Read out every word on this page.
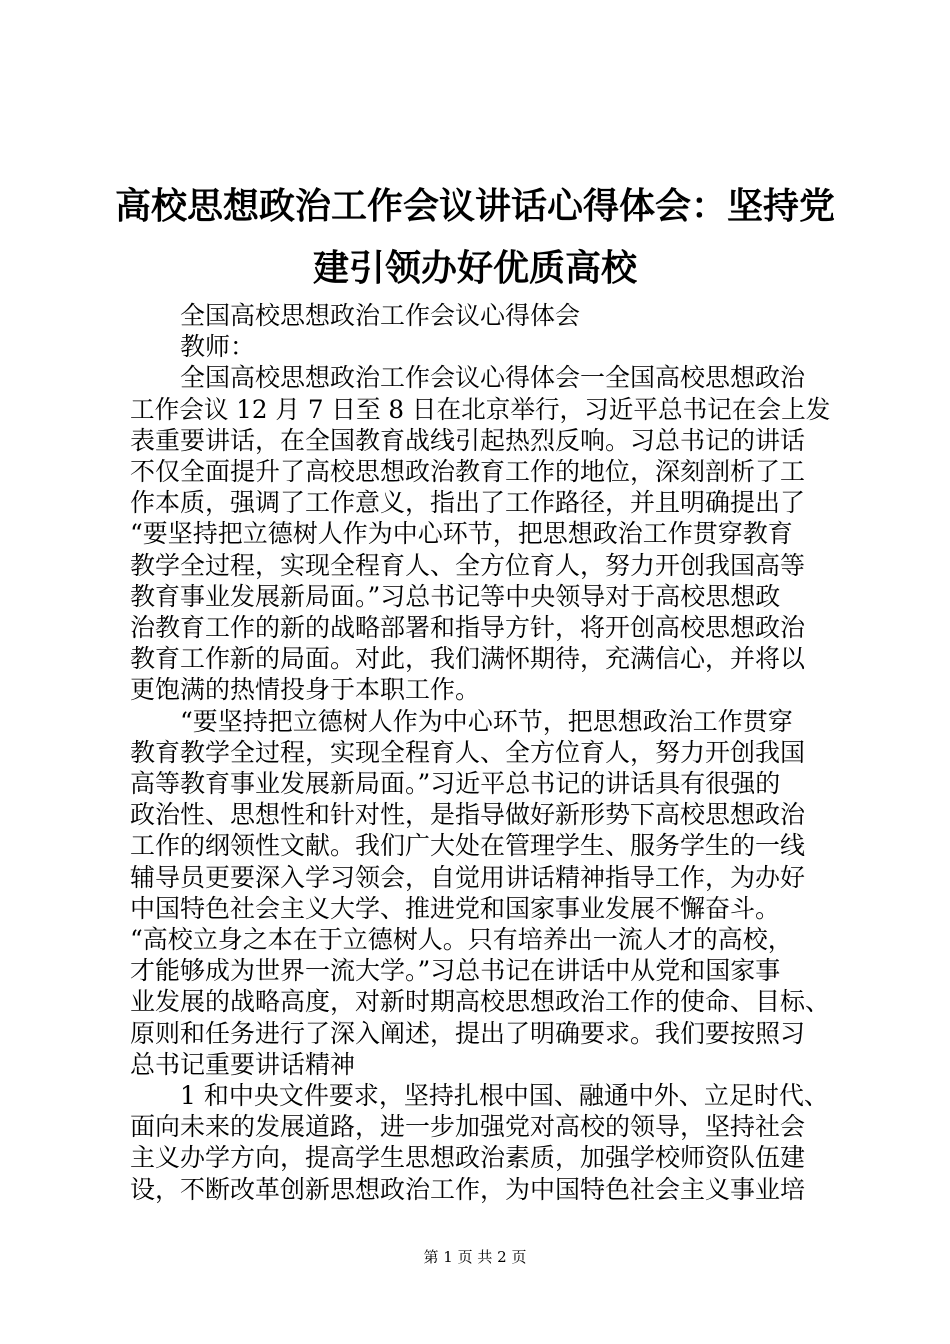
高校思想政治工作会议讲话心得体会：坚持党
建引领办好优质高校
全国高校思想政治工作会议心得体会
教师：
全国高校思想政治工作会议心得体会一全国高校思想政治
工作会议 12 月 7 日至 8 日在北京举行，习近平总书记在会上发
表重要讲话，在全国教育战线引起热烈反响。习总书记的讲话
不仅全面提升了高校思想政治教育工作的地位，深刻剖析了工
作本质，强调了工作意义，指出了工作路径，并且明确提出了
“要坚持把立德树人作为中心环节，把思想政治工作贯穿教育
教学全过程，实现全程育人、全方位育人，努力开创我国高等
教育事业发展新局面。”习总书记等中央领导对于高校思想政
治教育工作的新的战略部署和指导方针，将开创高校思想政治
教育工作新的局面。对此，我们满怀期待，充满信心，并将以
更饱满的热情投身于本职工作。
“要坚持把立德树人作为中心环节，把思想政治工作贯穿
教育教学全过程，实现全程育人、全方位育人，努力开创我国
高等教育事业发展新局面。”习近平总书记的讲话具有很强的
政治性、思想性和针对性，是指导做好新形势下高校思想政治
工作的纲领性文献。我们广大处在管理学生、服务学生的一线
辅导员更要深入学习领会，自觉用讲话精神指导工作，为办好
中国特色社会主义大学、推进党和国家事业发展不懈奋斗。
“高校立身之本在于立德树人。只有培养出一流人才的高校，
才能够成为世界一流大学。”习总书记在讲话中从党和国家事
业发展的战略高度，对新时期高校思想政治工作的使命、目标、
原则和任务进行了深入阐述，提出了明确要求。我们要按照习
总书记重要讲话精神
1 和中央文件要求，坚持扎根中国、融通中外、立足时代、
面向未来的发展道路，进一步加强党对高校的领导，坚持社会
主义办学方向，提高学生思想政治素质，加强学校师资队伍建
设，不断改革创新思想政治工作，为中国特色社会主义事业培
第 1 页 共 2 页
